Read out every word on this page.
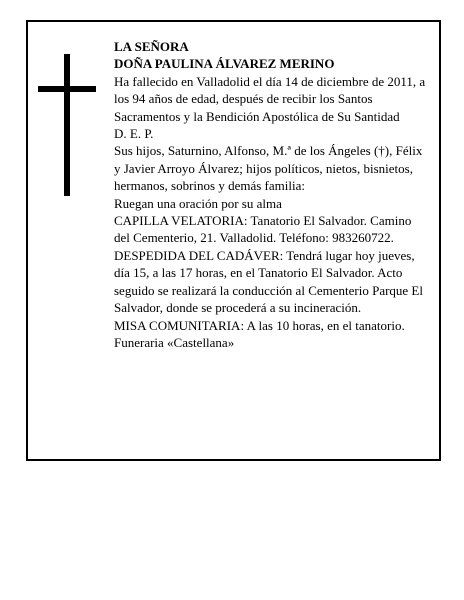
LA SEÑORA

DOÑA PAULINA ÁLVAREZ MERINO

Ha fallecido en Valladolid el día 14 de diciembre de 2011, a los 94 años de edad, después de recibir los Santos Sacramentos y la Bendición Apostólica de Su Santidad

D. E. P.

Sus hijos, Saturnino, Alfonso, M.ª de los Ángeles (†), Félix y Javier Arroyo Álvarez; hijos políticos, nietos, bisnietos, hermanos, sobrinos y demás familia:

Ruegan una oración por su alma

CAPILLA VELATORIA: Tanatorio El Salvador. Camino del Cementerio, 21. Valladolid. Teléfono: 983260722.

DESPEDIDA DEL CADÁVER: Tendrá lugar hoy jueves, día 15, a las 17 horas, en el Tanatorio El Salvador. Acto seguido se realizará la conducción al Cementerio Parque El Salvador, donde se procederá a su incineración.

MISA COMUNITARIA: A las 10 horas, en el tanatorio.

Funeraria «Castellana»
